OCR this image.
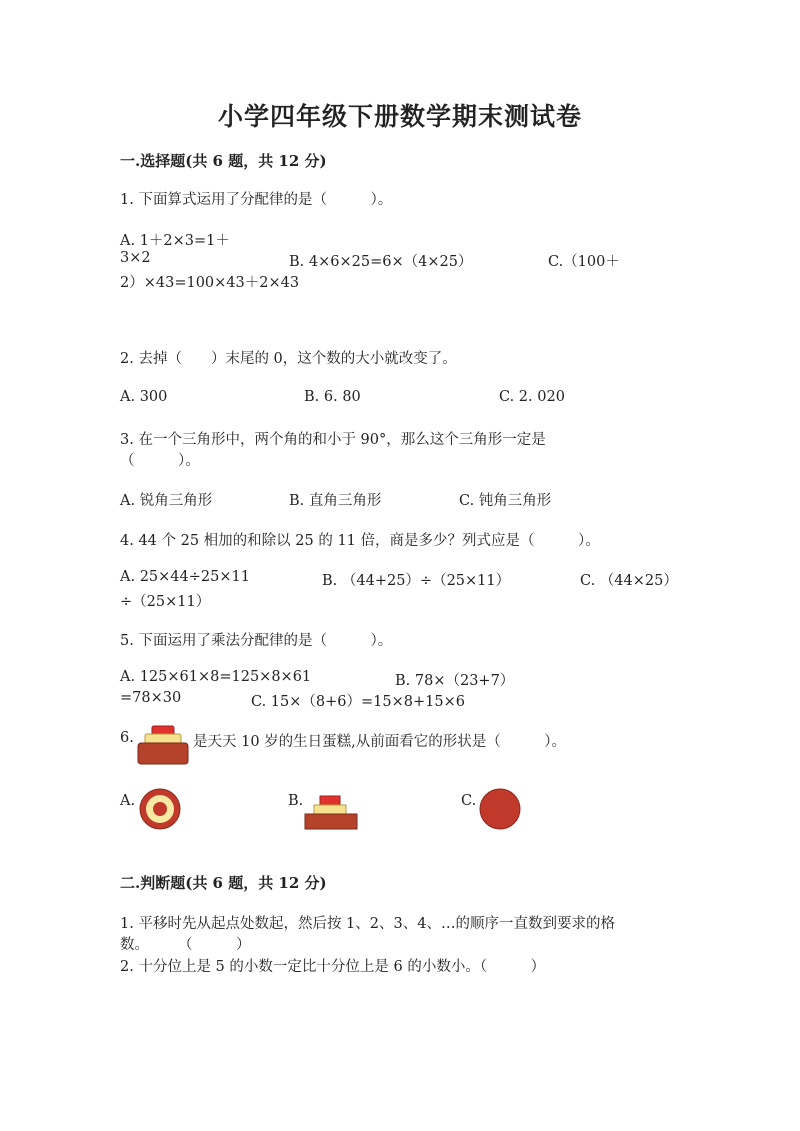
小学四年级下册数学期末测试卷
一.选择题(共 6 题，共 12 分)
1. 下面算式运用了分配律的是（　　　）。
A. 1＋2×3=1＋
3×2	B. 4×6×25=6×（4×25）	C.（100＋
2）×43=100×43＋2×43
2. 去掉（　　）末尾的 0，这个数的大小就改变了。
A. 300	B. 6. 80	C. 2. 020
3. 在一个三角形中，两个角的和小于 90°，那么这个三角形一定是
（　　　）。
A. 锐角三角形	B. 直角三角形	C. 钝角三角形
4. 44 个 25 相加的和除以 25 的 11 倍，商是多少？列式应是（　　　）。
A. 25×44÷25×11	B. （44+25）÷（25×11）	C. （44×25）
÷（25×11）
5. 下面运用了乘法分配律的是（　　　）。
A. 125×61×8=125×8×61	B. 78×（23+7）
=78×30	C. 15×（8+6）=15×8+15×6
6.	是天天 10 岁的生日蛋糕,从前面看它的形状是（　　　）。
A.	B.	C.
二.判断题(共 6 题，共 12 分)
1. 平移时先从起点处数起，然后按 1、2、3、4、…的顺序一直数到要求的格
数。　　　（　　　）
2. 十分位上是 5 的小数一定比十分位上是 6 的小数小。（　　　）
